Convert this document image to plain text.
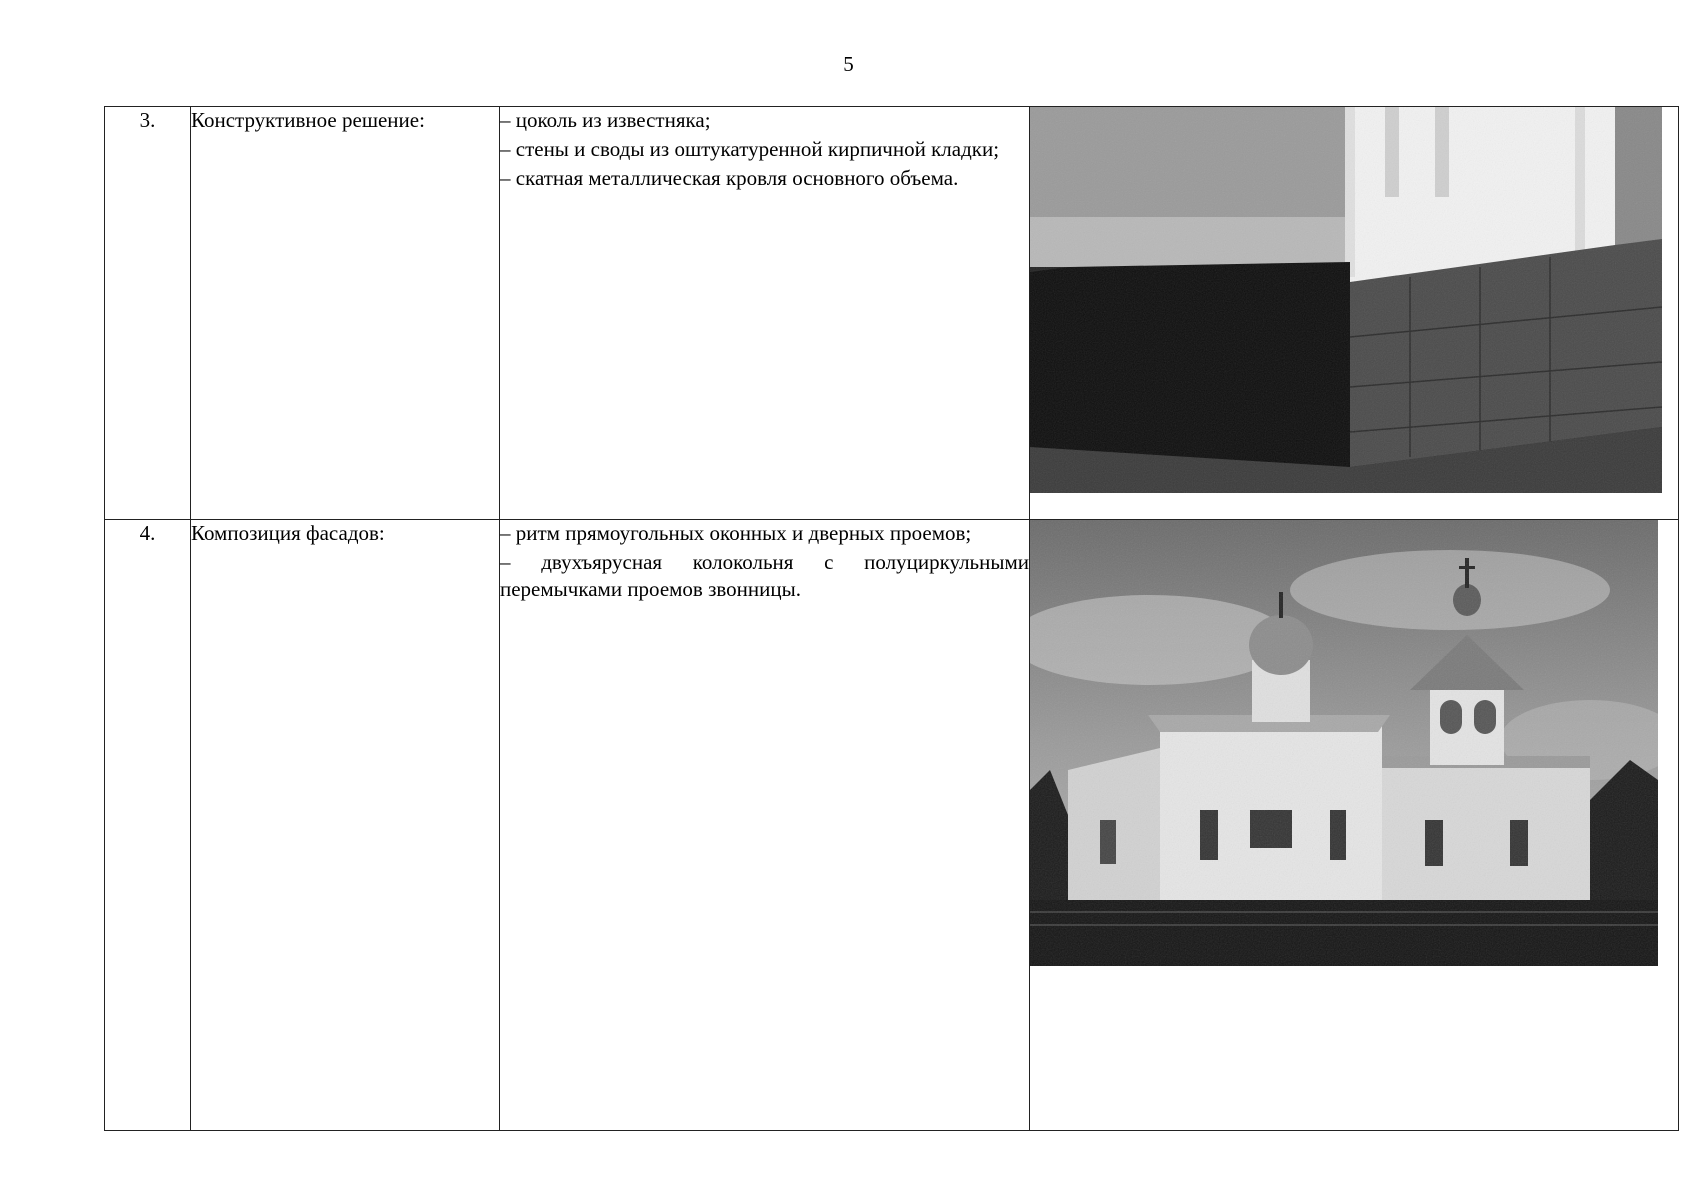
5
3.	Конструктивное решение:	– цоколь из известняка;

– стены и своды из оштукатуренной кирпичной кладки;

– скатная металлическая кровля основного объема.

4.	Композиция фасадов:	– ритм прямоугольных оконных и дверных проемов;

– двухъярусная колокольня с полуциркульными перемычками проемов звонницы.
